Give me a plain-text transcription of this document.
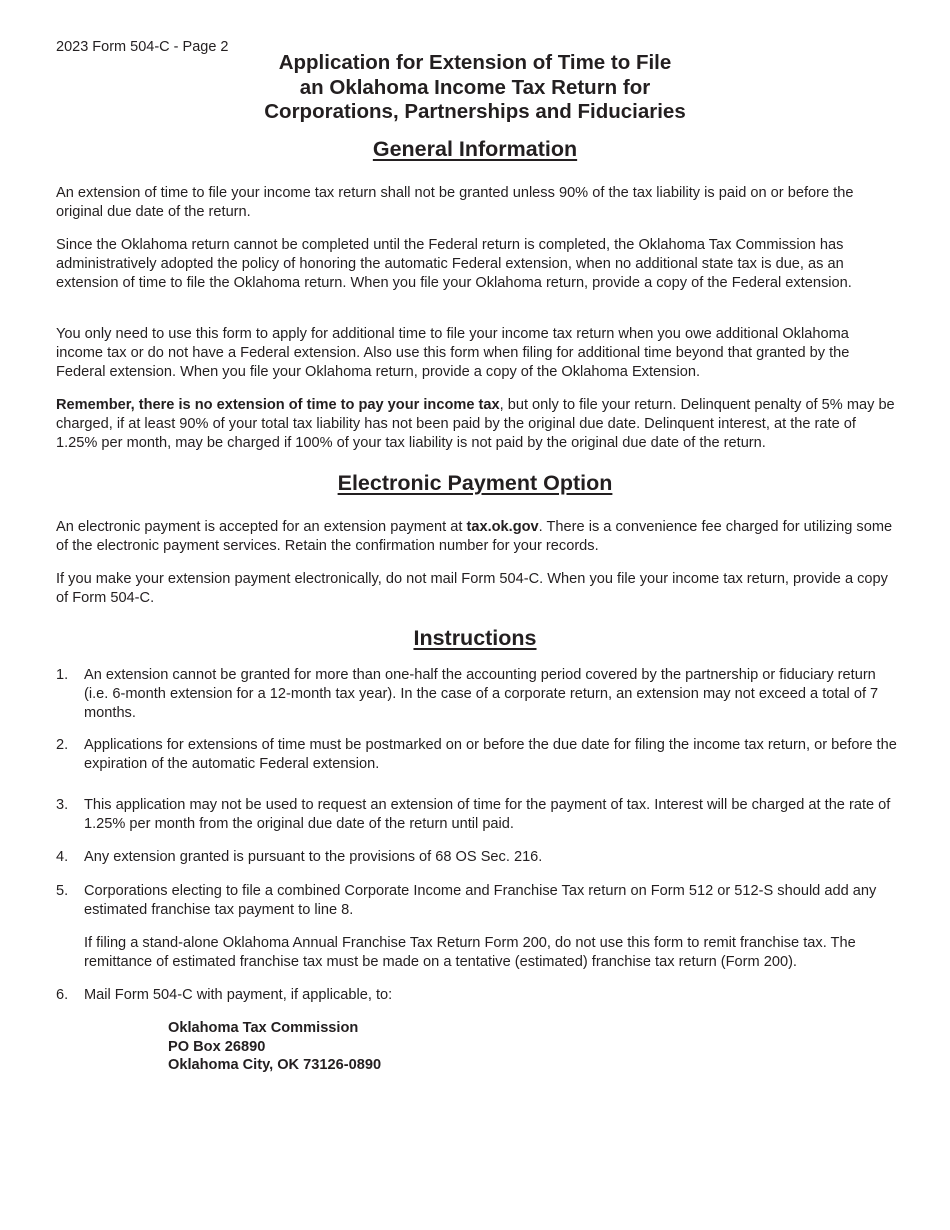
2023 Form 504-C - Page 2
Application for Extension of Time to File
an Oklahoma Income Tax Return for
Corporations, Partnerships and Fiduciaries
General Information

An extension of time to file your income tax return shall not be granted unless 90% of the tax liability is paid on or before the original due date of the return.

Since the Oklahoma return cannot be completed until the Federal return is completed, the Oklahoma Tax Commission has administratively adopted the policy of honoring the automatic Federal extension, when no additional state tax is due, as an extension of time to file the Oklahoma return. When you file your Oklahoma return, provide a copy of the Federal extension.

You only need to use this form to apply for additional time to file your income tax return when you owe additional Oklahoma income tax or do not have a Federal extension. Also use this form when filing for additional time beyond that granted by the Federal extension. When you file your Oklahoma return, provide a copy of the Oklahoma Extension.

Remember, there is no extension of time to pay your income tax, but only to file your return. Delinquent penalty of 5% may be charged, if at least 90% of your total tax liability has not been paid by the original due date. Delinquent interest, at the rate of 1.25% per month, may be charged if 100% of your tax liability is not paid by the original due date of the return.

Electronic Payment Option

An electronic payment is accepted for an extension payment at tax.ok.gov. There is a convenience fee charged for utilizing some of the electronic payment services. Retain the confirmation number for your records.

If you make your extension payment electronically, do not mail Form 504-C. When you file your income tax return, provide a copy of Form 504-C.

Instructions
1. An extension cannot be granted for more than one-half the accounting period covered by the partnership or fiduciary return (i.e. 6-month extension for a 12-month tax year). In the case of a corporate return, an extension may not exceed a total of 7 months.
2. Applications for extensions of time must be postmarked on or before the due date for filing the income tax return, or before the expiration of the automatic Federal extension.
3. This application may not be used to request an extension of time for the payment of tax. Interest will be charged at the rate of 1.25% per month from the original due date of the return until paid.
4. Any extension granted is pursuant to the provisions of 68 OS Sec. 216.
5. Corporations electing to file a combined Corporate Income and Franchise Tax return on Form 512 or 512-S should add any estimated franchise tax payment to line 8.
If filing a stand-alone Oklahoma Annual Franchise Tax Return Form 200, do not use this form to remit franchise tax. The remittance of estimated franchise tax must be made on a tentative (estimated) franchise tax return (Form 200).
6. Mail Form 504-C with payment, if applicable, to:
Oklahoma Tax Commission
PO Box 26890
Oklahoma City, OK 73126-0890
